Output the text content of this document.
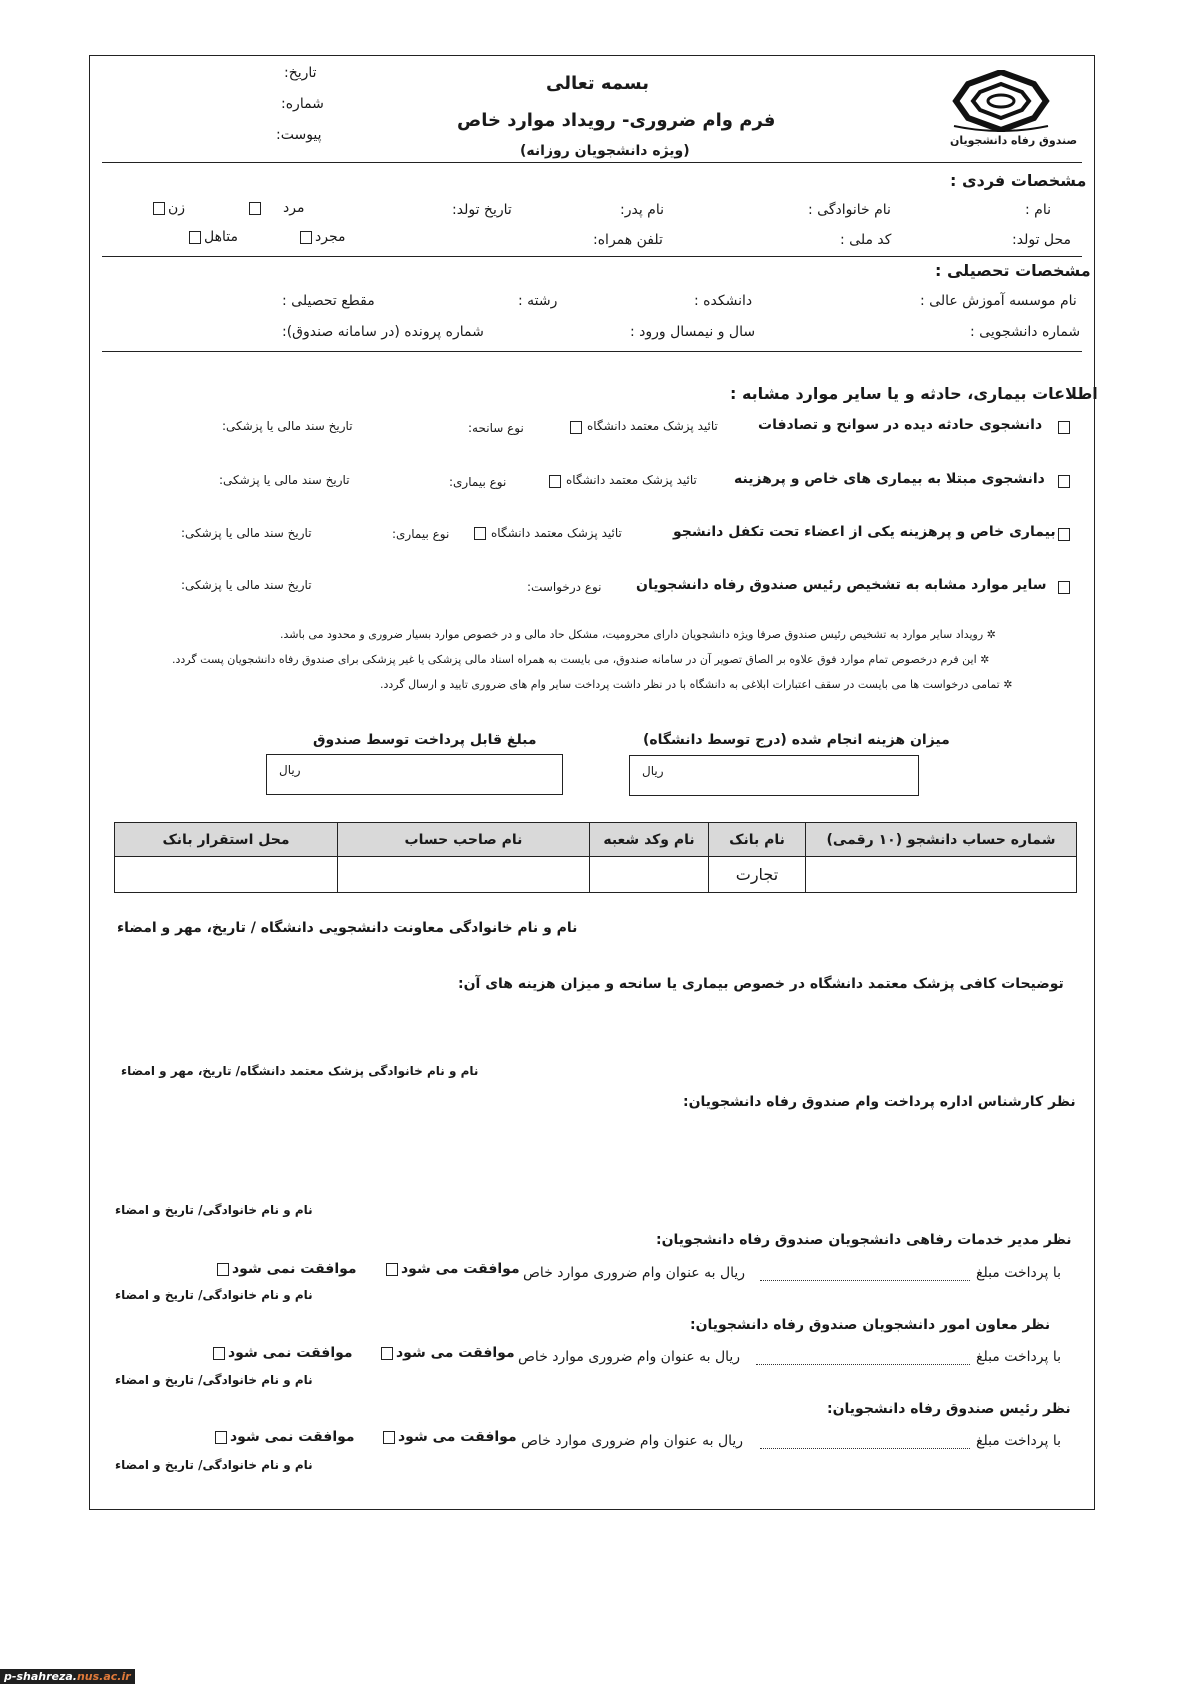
صندوق رفاه دانشجویان
بسمه تعالی
فرم وام ضروری- رویداد موارد خاص
(ویژه دانشجویان روزانه)
تاریخ:
شماره:
پیوست:
مشخصات فردی :
نام :
نام خانوادگی :
نام پدر:
تاریخ تولد:
مرد
زن
محل تولد:
کد ملی :
تلفن همراه:
مجرد
متاهل
مشخصات تحصیلی :
نام موسسه آموزش عالی :
دانشکده :
رشته :
مقطع تحصیلی :
شماره دانشجویی :
سال و نیمسال ورود :
شماره پرونده (در سامانه صندوق):
اطلاعات بیماری، حادثه و یا سایر موارد مشابه :
دانشجوی حادثه دیده در سوانح و تصادفات
تائید پزشک معتمد دانشگاه
نوع سانحه:
تاریخ سند مالی یا پزشکی:
دانشجوی مبتلا به بیماری های خاص و پرهزینه
تائید پزشک معتمد دانشگاه
نوع بیماری:
تاریخ سند مالی یا پزشکی:
بیماری خاص و پرهزینه یکی از اعضاء تحت تکفل دانشجو
تائید پزشک معتمد دانشگاه
نوع بیماری:
تاریخ سند مالی یا پزشکی:
سایر موارد مشابه به تشخیص رئیس صندوق رفاه دانشجویان
نوع درخواست:
تاریخ سند مالی یا پزشکی:
✲ رویداد سایر موارد به تشخیص رئیس صندوق صرفا ویژه دانشجویان دارای محرومیت، مشکل حاد مالی و در خصوص موارد بسیار ضروری و محدود می باشد.
✲ این فرم درخصوص تمام موارد فوق علاوه بر الصاق تصویر آن در سامانه صندوق، می بایست به همراه اسناد مالی پزشکی یا غیر پزشکی برای صندوق رفاه دانشجویان پست گردد.
✲ تمامی درخواست ها می بایست در سقف اعتبارات ابلاغی به دانشگاه با در نظر داشت پرداخت سایر وام های ضروری تایید و ارسال گردد.
میزان هزینه انجام شده (درج توسط دانشگاه)
ریال
مبلغ قابل پرداخت توسط صندوق
ریال
شماره حساب دانشجو (۱۰ رقمی)	نام بانک	نام وکد شعبه	نام صاحب حساب	محل استقرار بانک
	تجارت			
نام و نام خانوادگی معاونت دانشجویی دانشگاه / تاریخ، مهر و امضاء
توضیحات کافی پزشک معتمد دانشگاه در خصوص بیماری یا سانحه و میزان هزینه های آن:
نام و نام خانوادگی پزشک معتمد دانشگاه/ تاریخ، مهر و امضاء
نظر کارشناس اداره پرداخت وام صندوق رفاه دانشجویان:
نام و نام خانوادگی/ تاریخ و امضاء
نظر مدیر خدمات رفاهی دانشجویان صندوق رفاه دانشجویان:
با پرداخت مبلغ
ریال به عنوان وام ضروری موارد خاص
موافقت می شود
موافقت نمی شود
نام و نام خانوادگی/ تاریخ و امضاء
نظر معاون امور دانشجویان صندوق رفاه دانشجویان:
با پرداخت مبلغ
ریال به عنوان وام ضروری موارد خاص
موافقت می شود
موافقت نمی شود
نام و نام خانوادگی/ تاریخ و امضاء
نظر رئیس صندوق رفاه دانشجویان:
با پرداخت مبلغ
ریال به عنوان وام ضروری موارد خاص
موافقت می شود
موافقت نمی شود
نام و نام خانوادگی/ تاریخ و امضاء
p-shahreza.nus.ac.ir
